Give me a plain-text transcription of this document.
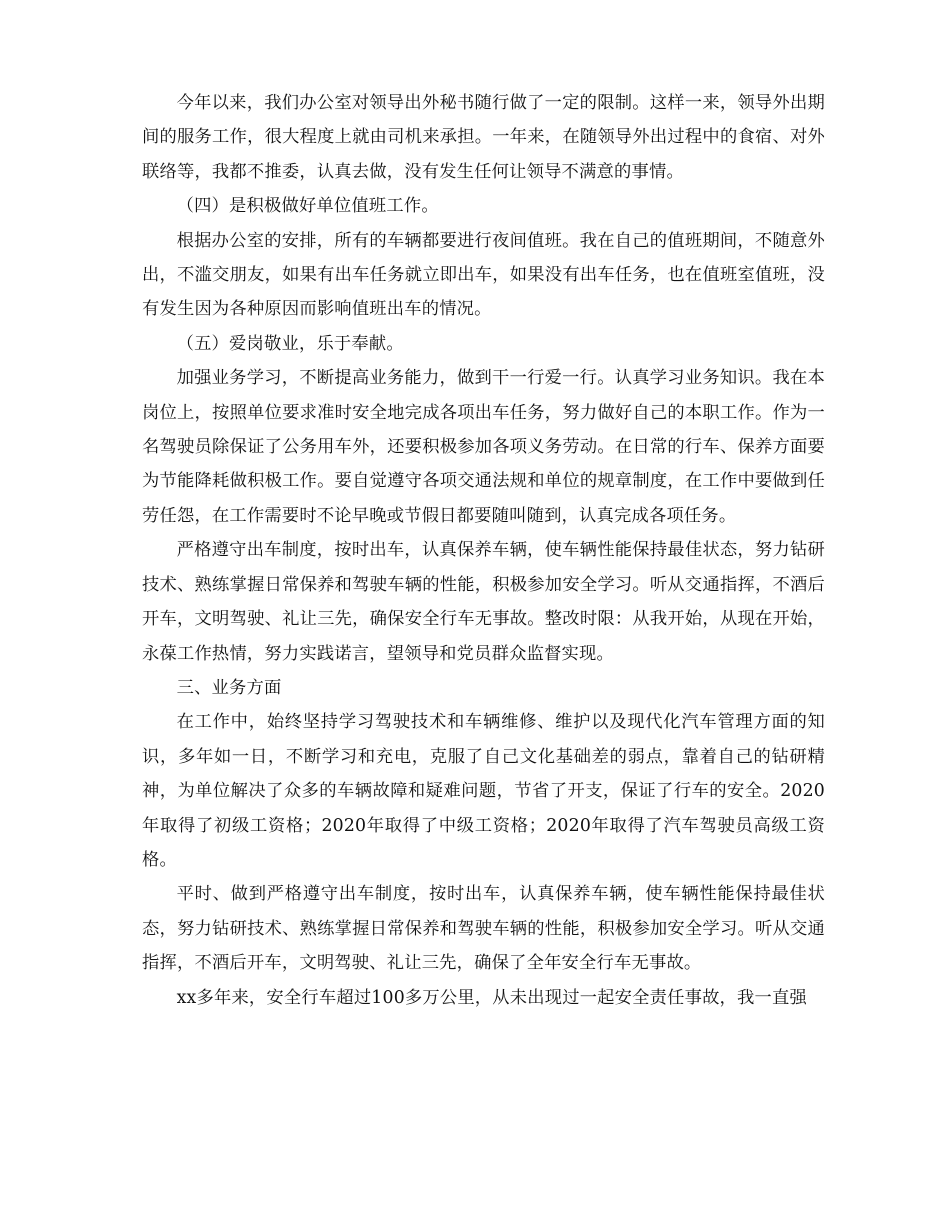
今年以来，我们办公室对领导出外秘书随行做了一定的限制。这样一来，领导外出期间的服务工作，很大程度上就由司机来承担。一年来，在随领导外出过程中的食宿、对外联络等，我都不推委，认真去做，没有发生任何让领导不满意的事情。

（四）是积极做好单位值班工作。

根据办公室的安排，所有的车辆都要进行夜间值班。我在自己的值班期间，不随意外出，不滥交朋友，如果有出车任务就立即出车，如果没有出车任务，也在值班室值班，没有发生因为各种原因而影响值班出车的情况。

（五）爱岗敬业，乐于奉献。

加强业务学习，不断提高业务能力，做到干一行爱一行。认真学习业务知识。我在本岗位上，按照单位要求准时安全地完成各项出车任务，努力做好自己的本职工作。作为一名驾驶员除保证了公务用车外，还要积极参加各项义务劳动。在日常的行车、保养方面要为节能降耗做积极工作。要自觉遵守各项交通法规和单位的规章制度，在工作中要做到任劳任怨，在工作需要时不论早晚或节假日都要随叫随到，认真完成各项任务。

严格遵守出车制度，按时出车，认真保养车辆，使车辆性能保持最佳状态，努力钻研技术、熟练掌握日常保养和驾驶车辆的性能，积极参加安全学习。听从交通指挥，不酒后开车，文明驾驶、礼让三先，确保安全行车无事故。整改时限：从我开始，从现在开始，永葆工作热情，努力实践诺言，望领导和党员群众监督实现。

三、业务方面

在工作中，始终坚持学习驾驶技术和车辆维修、维护以及现代化汽车管理方面的知识，多年如一日，不断学习和充电，克服了自己文化基础差的弱点，靠着自己的钻研精神，为单位解决了众多的车辆故障和疑难问题，节省了开支，保证了行车的安全。2020年取得了初级工资格；2020年取得了中级工资格；2020年取得了汽车驾驶员高级工资格。

平时、做到严格遵守出车制度，按时出车，认真保养车辆，使车辆性能保持最佳状态，努力钻研技术、熟练掌握日常保养和驾驶车辆的性能，积极参加安全学习。听从交通指挥，不酒后开车，文明驾驶、礼让三先，确保了全年安全行车无事故。

xx多年来，安全行车超过100多万公里，从未出现过一起安全责任事故，我一直强
